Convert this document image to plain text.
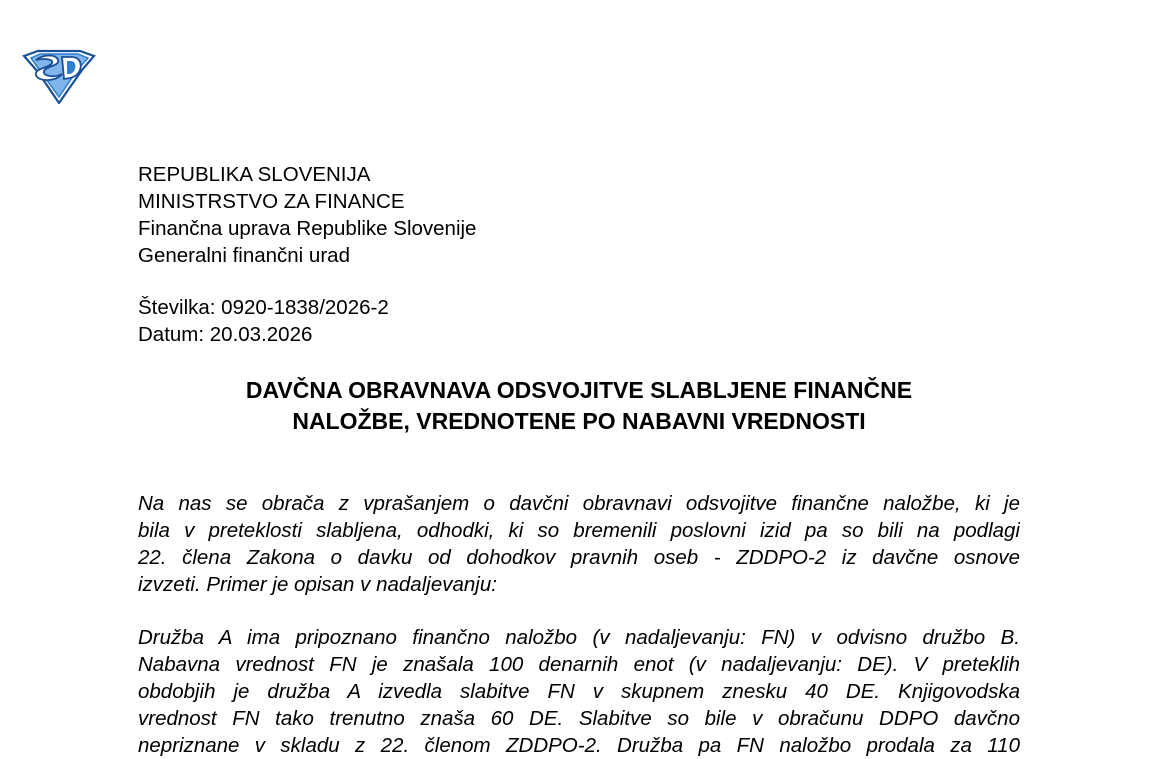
REPUBLIKA SLOVENIJA
MINISTRSTVO ZA FINANCE
Finančna uprava Republike Slovenije
Generalni finančni urad
Številka: 0920-1838/2026-2
Datum: 20.03.2026
DAVČNA OBRAVNAVA ODSVOJITVE SLABLJENE FINANČNE
NALOŽBE, VREDNOTENE PO NABAVNI VREDNOSTI
Na nas se obrača z vprašanjem o davčni obravnavi odsvojitve finančne naložbe, ki je
bila v preteklosti slabljena, odhodki, ki so bremenili poslovni izid pa so bili na podlagi
22. člena Zakona o davku od dohodkov pravnih oseb - ZDDPO-2 iz davčne osnove
izvzeti. Primer je opisan v nadaljevanju:
Družba A ima pripoznano finančno naložbo (v nadaljevanju: FN) v odvisno družbo B.
Nabavna vrednost FN je znašala 100 denarnih enot (v nadaljevanju: DE). V preteklih
obdobjih je družba A izvedla slabitve FN v skupnem znesku 40 DE. Knjigovodska
vrednost FN tako trenutno znaša 60 DE. Slabitve so bile v obračunu DDPO davčno
nepriznane v skladu z 22. členom ZDDPO-2. Družba pa FN naložbo prodala za 110
